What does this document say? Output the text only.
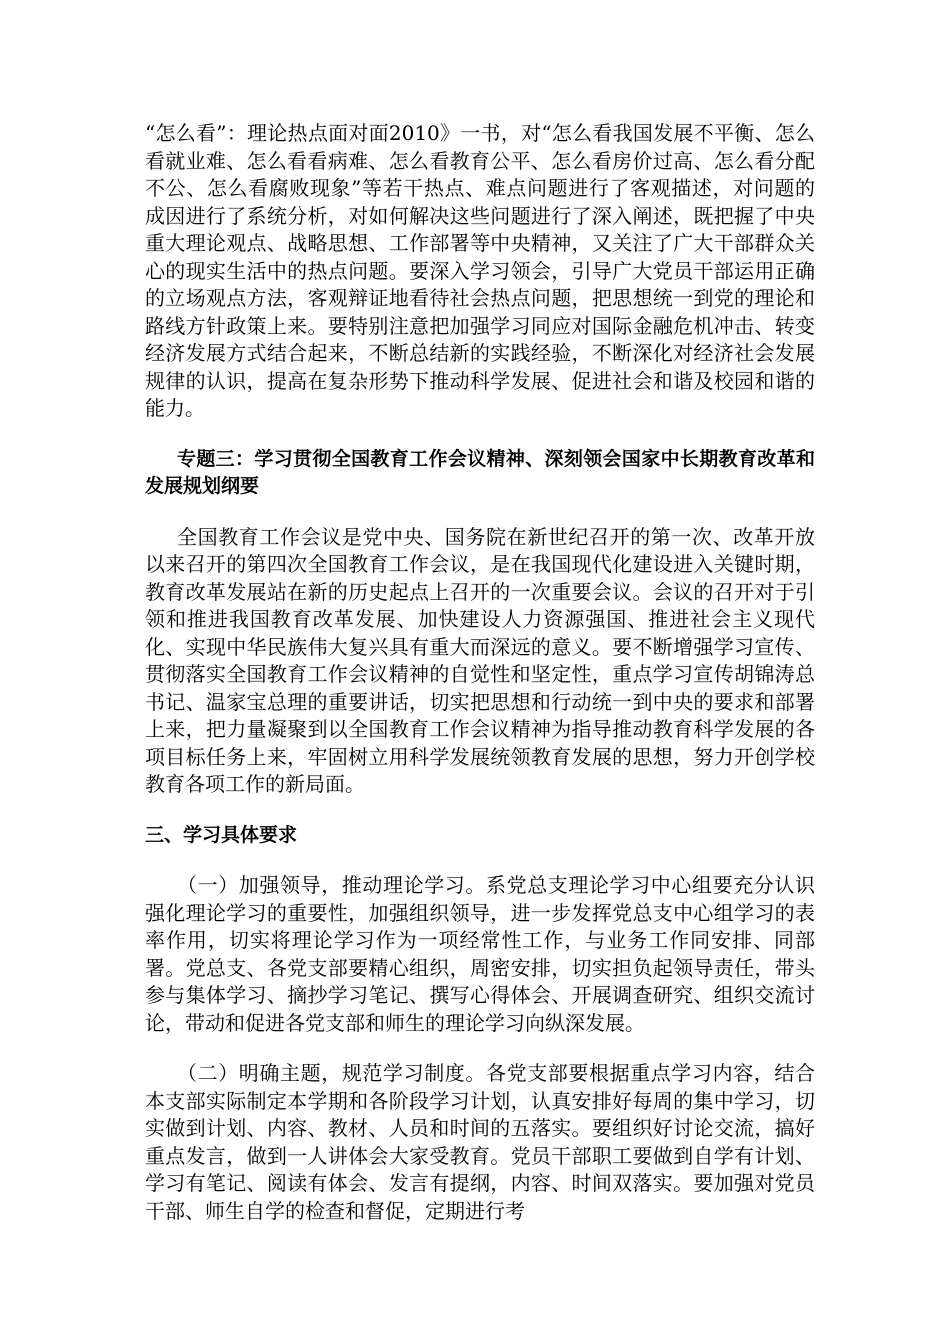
“怎么看”：理论热点面对面2010》一书，对“怎么看我国发展不平衡、怎么看就业难、怎么看看病难、怎么看教育公平、怎么看房价过高、怎么看分配不公、怎么看腐败现象”等若干热点、难点问题进行了客观描述，对问题的成因进行了系统分析，对如何解决这些问题进行了深入阐述，既把握了中央重大理论观点、战略思想、工作部署等中央精神，又关注了广大干部群众关心的现实生活中的热点问题。要深入学习领会，引导广大党员干部运用正确的立场观点方法，客观辩证地看待社会热点问题，把思想统一到党的理论和路线方针政策上来。要特别注意把加强学习同应对国际金融危机冲击、转变经济发展方式结合起来，不断总结新的实践经验，不断深化对经济社会发展规律的认识，提高在复杂形势下推动科学发展、促进社会和谐及校园和谐的能力。

专题三：学习贯彻全国教育工作会议精神、深刻领会国家中长期教育改革和发展规划纲要

全国教育工作会议是党中央、国务院在新世纪召开的第一次、改革开放以来召开的第四次全国教育工作会议，是在我国现代化建设进入关键时期，教育改革发展站在新的历史起点上召开的一次重要会议。会议的召开对于引领和推进我国教育改革发展、加快建设人力资源强国、推进社会主义现代化、实现中华民族伟大复兴具有重大而深远的意义。要不断增强学习宣传、贯彻落实全国教育工作会议精神的自觉性和坚定性，重点学习宣传胡锦涛总书记、温家宝总理的重要讲话，切实把思想和行动统一到中央的要求和部署上来，把力量凝聚到以全国教育工作会议精神为指导推动教育科学发展的各项目标任务上来，牢固树立用科学发展统领教育发展的思想，努力开创学校教育各项工作的新局面。

三、学习具体要求

（一）加强领导，推动理论学习。系党总支理论学习中心组要充分认识强化理论学习的重要性，加强组织领导，进一步发挥党总支中心组学习的表率作用，切实将理论学习作为一项经常性工作，与业务工作同安排、同部署。党总支、各党支部要精心组织，周密安排，切实担负起领导责任，带头参与集体学习、摘抄学习笔记、撰写心得体会、开展调查研究、组织交流讨论，带动和促进各党支部和师生的理论学习向纵深发展。

（二）明确主题，规范学习制度。各党支部要根据重点学习内容，结合本支部实际制定本学期和各阶段学习计划，认真安排好每周的集中学习，切实做到计划、内容、教材、人员和时间的五落实。要组织好讨论交流，搞好重点发言，做到一人讲体会大家受教育。党员干部职工要做到自学有计划、学习有笔记、阅读有体会、发言有提纲，内容、时间双落实。要加强对党员干部、师生自学的检查和督促，定期进行考
